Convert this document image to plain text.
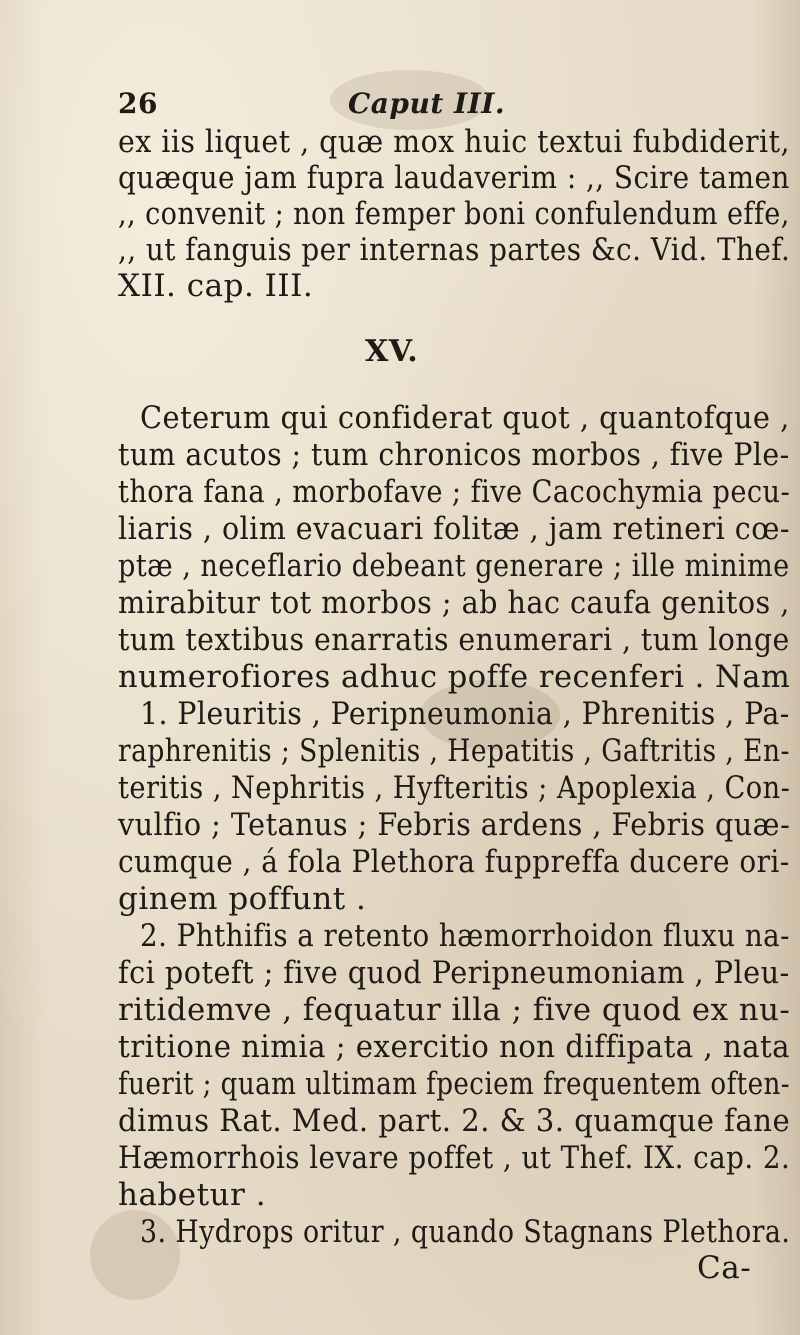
26	Caput III.
ex iis liquet , quæ mox huic textui fubdiderit,
quæque jam fupra laudaverim : ,, Scire tamen
,, convenit ; non femper boni confulendum effe,
,, ut fanguis per internas partes &c. Vid. Thef.
XII. cap. III.
XV.
Ceterum qui confiderat quot , quantofque ,
tum acutos ; tum chronicos morbos , five Ple-
thora fana , morbofave ; five Cacochymia pecu-
liaris , olim evacuari folitæ , jam retineri cœ-
ptæ , neceflario debeant generare ; ille minime
mirabitur tot morbos ; ab hac caufa genitos ,
tum textibus enarratis enumerari , tum longe
numerofiores adhuc poffe recenferi . Nam
1. Pleuritis , Peripneumonia , Phrenitis , Pa-
raphrenitis ; Splenitis , Hepatitis , Gaftritis , En-
teritis , Nephritis , Hyfteritis ; Apoplexia , Con-
vulfio ; Tetanus ; Febris ardens , Febris quæ-
cumque , á fola Plethora fuppreffa ducere ori-
ginem poffunt .
2. Phthifis a retento hæmorrhoidon fluxu na-
fci poteft ; five quod Peripneumoniam , Pleu-
ritidemve , fequatur illa ; five quod ex nu-
tritione nimia ; exercitio non diffipata , nata
fuerit ; quam ultimam fpeciem frequentem often-
dimus Rat. Med. part. 2. & 3. quamque fane
Hæmorrhois levare poffet , ut Thef. IX. cap. 2.
habetur .
3. Hydrops oritur , quando Stagnans Plethora.
Ca-
